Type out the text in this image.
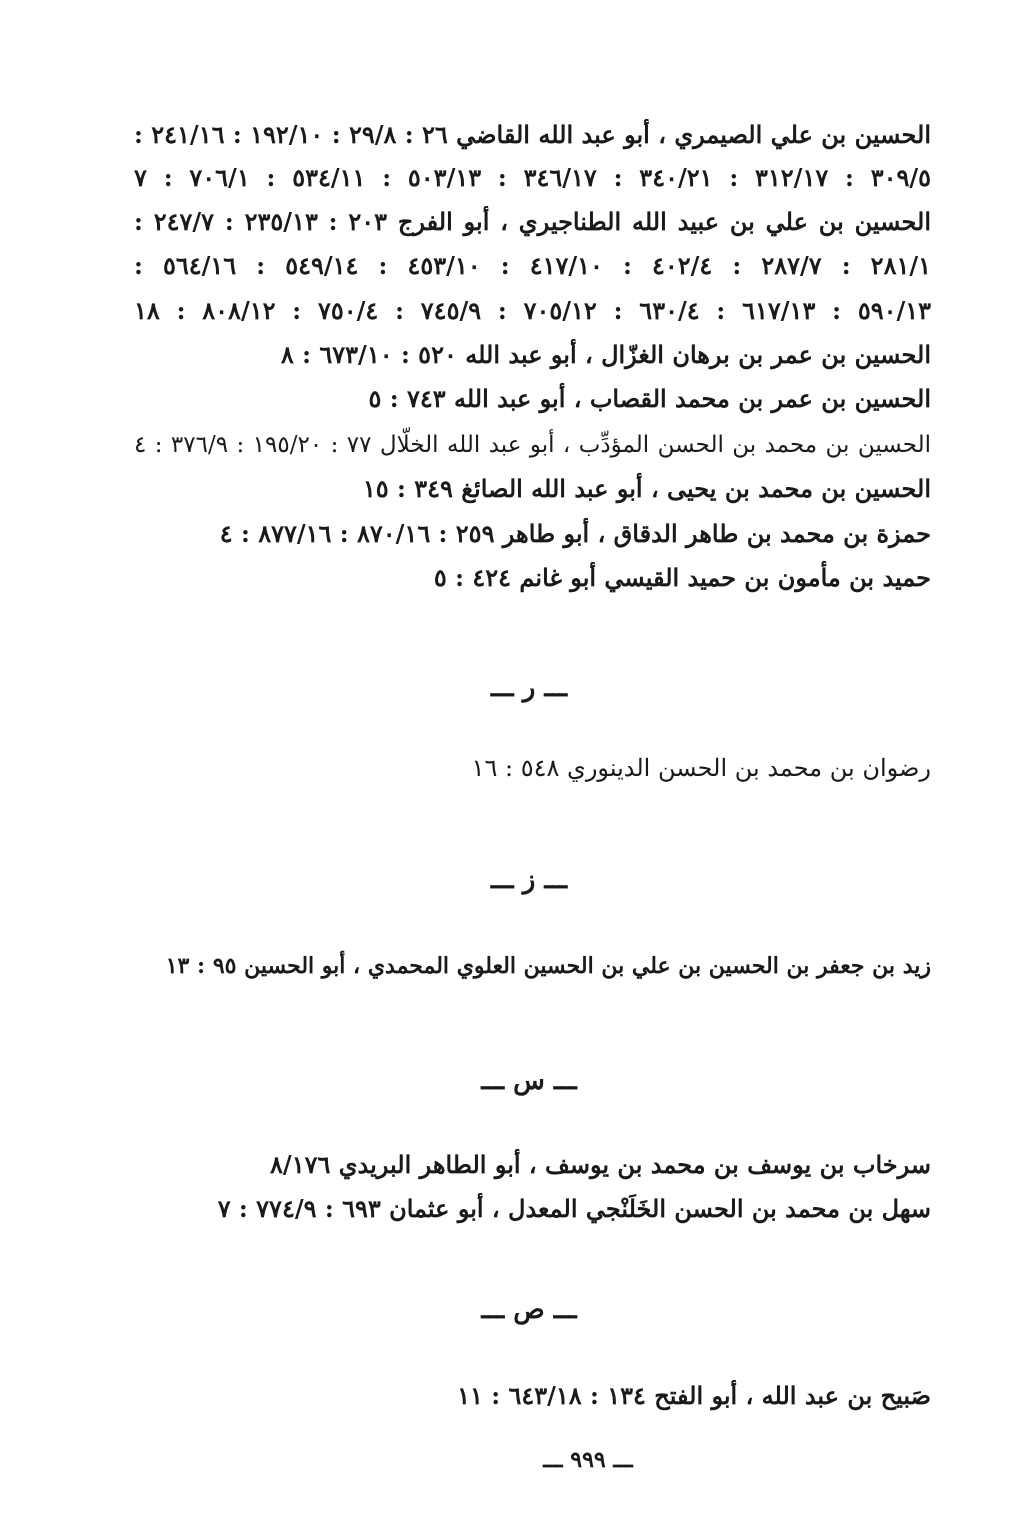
الحسين بن علي الصيمري ، أبو عبد الله القاضي ٢٦ : ٢٩/٨ : ١٩٢/١٠ : ٢٤١/١٦ :
٣٠٩/٥ : ٣١٢/١٧ : ٣٤٠/٢١ : ٣٤٦/١٧ : ٥٠٣/١٣ : ٥٣٤/١١ : ٧٠٦/١ : ٧
الحسين بن علي بن عبيد الله الطناجيري ، أبو الفرج ٢٠٣ : ٢٣٥/١٣ : ٢٤٧/٧ :
٢٨١/١ : ٢٨٧/٧ : ٤٠٢/٤ : ٤١٧/١٠ : ٤٥٣/١٠ : ٥٤٩/١٤ : ٥٦٤/١٦ :
٥٩٠/١٣ : ٦١٧/١٣ : ٦٣٠/٤ : ٧٠٥/١٢ : ٧٤٥/٩ : ٧٥٠/٤ : ٨٠٨/١٢ : ١٨
الحسين بن عمر بن برهان الغزّال ، أبو عبد الله ٥٢٠ : ٦٧٣/١٠ : ٨
الحسين بن عمر بن محمد القصاب ، أبو عبد الله ٧٤٣ : ٥
الحسين بن محمد بن الحسن المؤدِّب ، أبو عبد الله الخلّال ٧٧ : ١٩٥/٢٠ : ٣٧٦/٩ : ٤
الحسين بن محمد بن يحيى ، أبو عبد الله الصائغ ٣٤٩ : ١٥
حمزة بن محمد بن طاهر الدقاق ، أبو طاهر ٢٥٩ : ٨٧٠/١٦ : ٨٧٧/١٦ : ٤
حميد بن مأمون بن حميد القيسي أبو غانم ٤٢٤ : ٥
ـــ ر ـــ
رضوان بن محمد بن الحسن الدينوري ٥٤٨ : ١٦
ـــ ز ـــ
زيد بن جعفر بن الحسين بن علي بن الحسين العلوي المحمدي ، أبو الحسين ٩٥ : ١٣
ـــ س ـــ
سرخاب بن يوسف بن محمد بن يوسف ، أبو الطاهر البريدي ٨/١٧٦
سهل بن محمد بن الحسن الخَلَنْجي المعدل ، أبو عثمان ٦٩٣ : ٧٧٤/٩ : ٧
ـــ ص ـــ
صَبيح بن عبد الله ، أبو الفتح ١٣٤ : ٦٤٣/١٨ : ١١
ـــ ٩٩٩ ـــ
